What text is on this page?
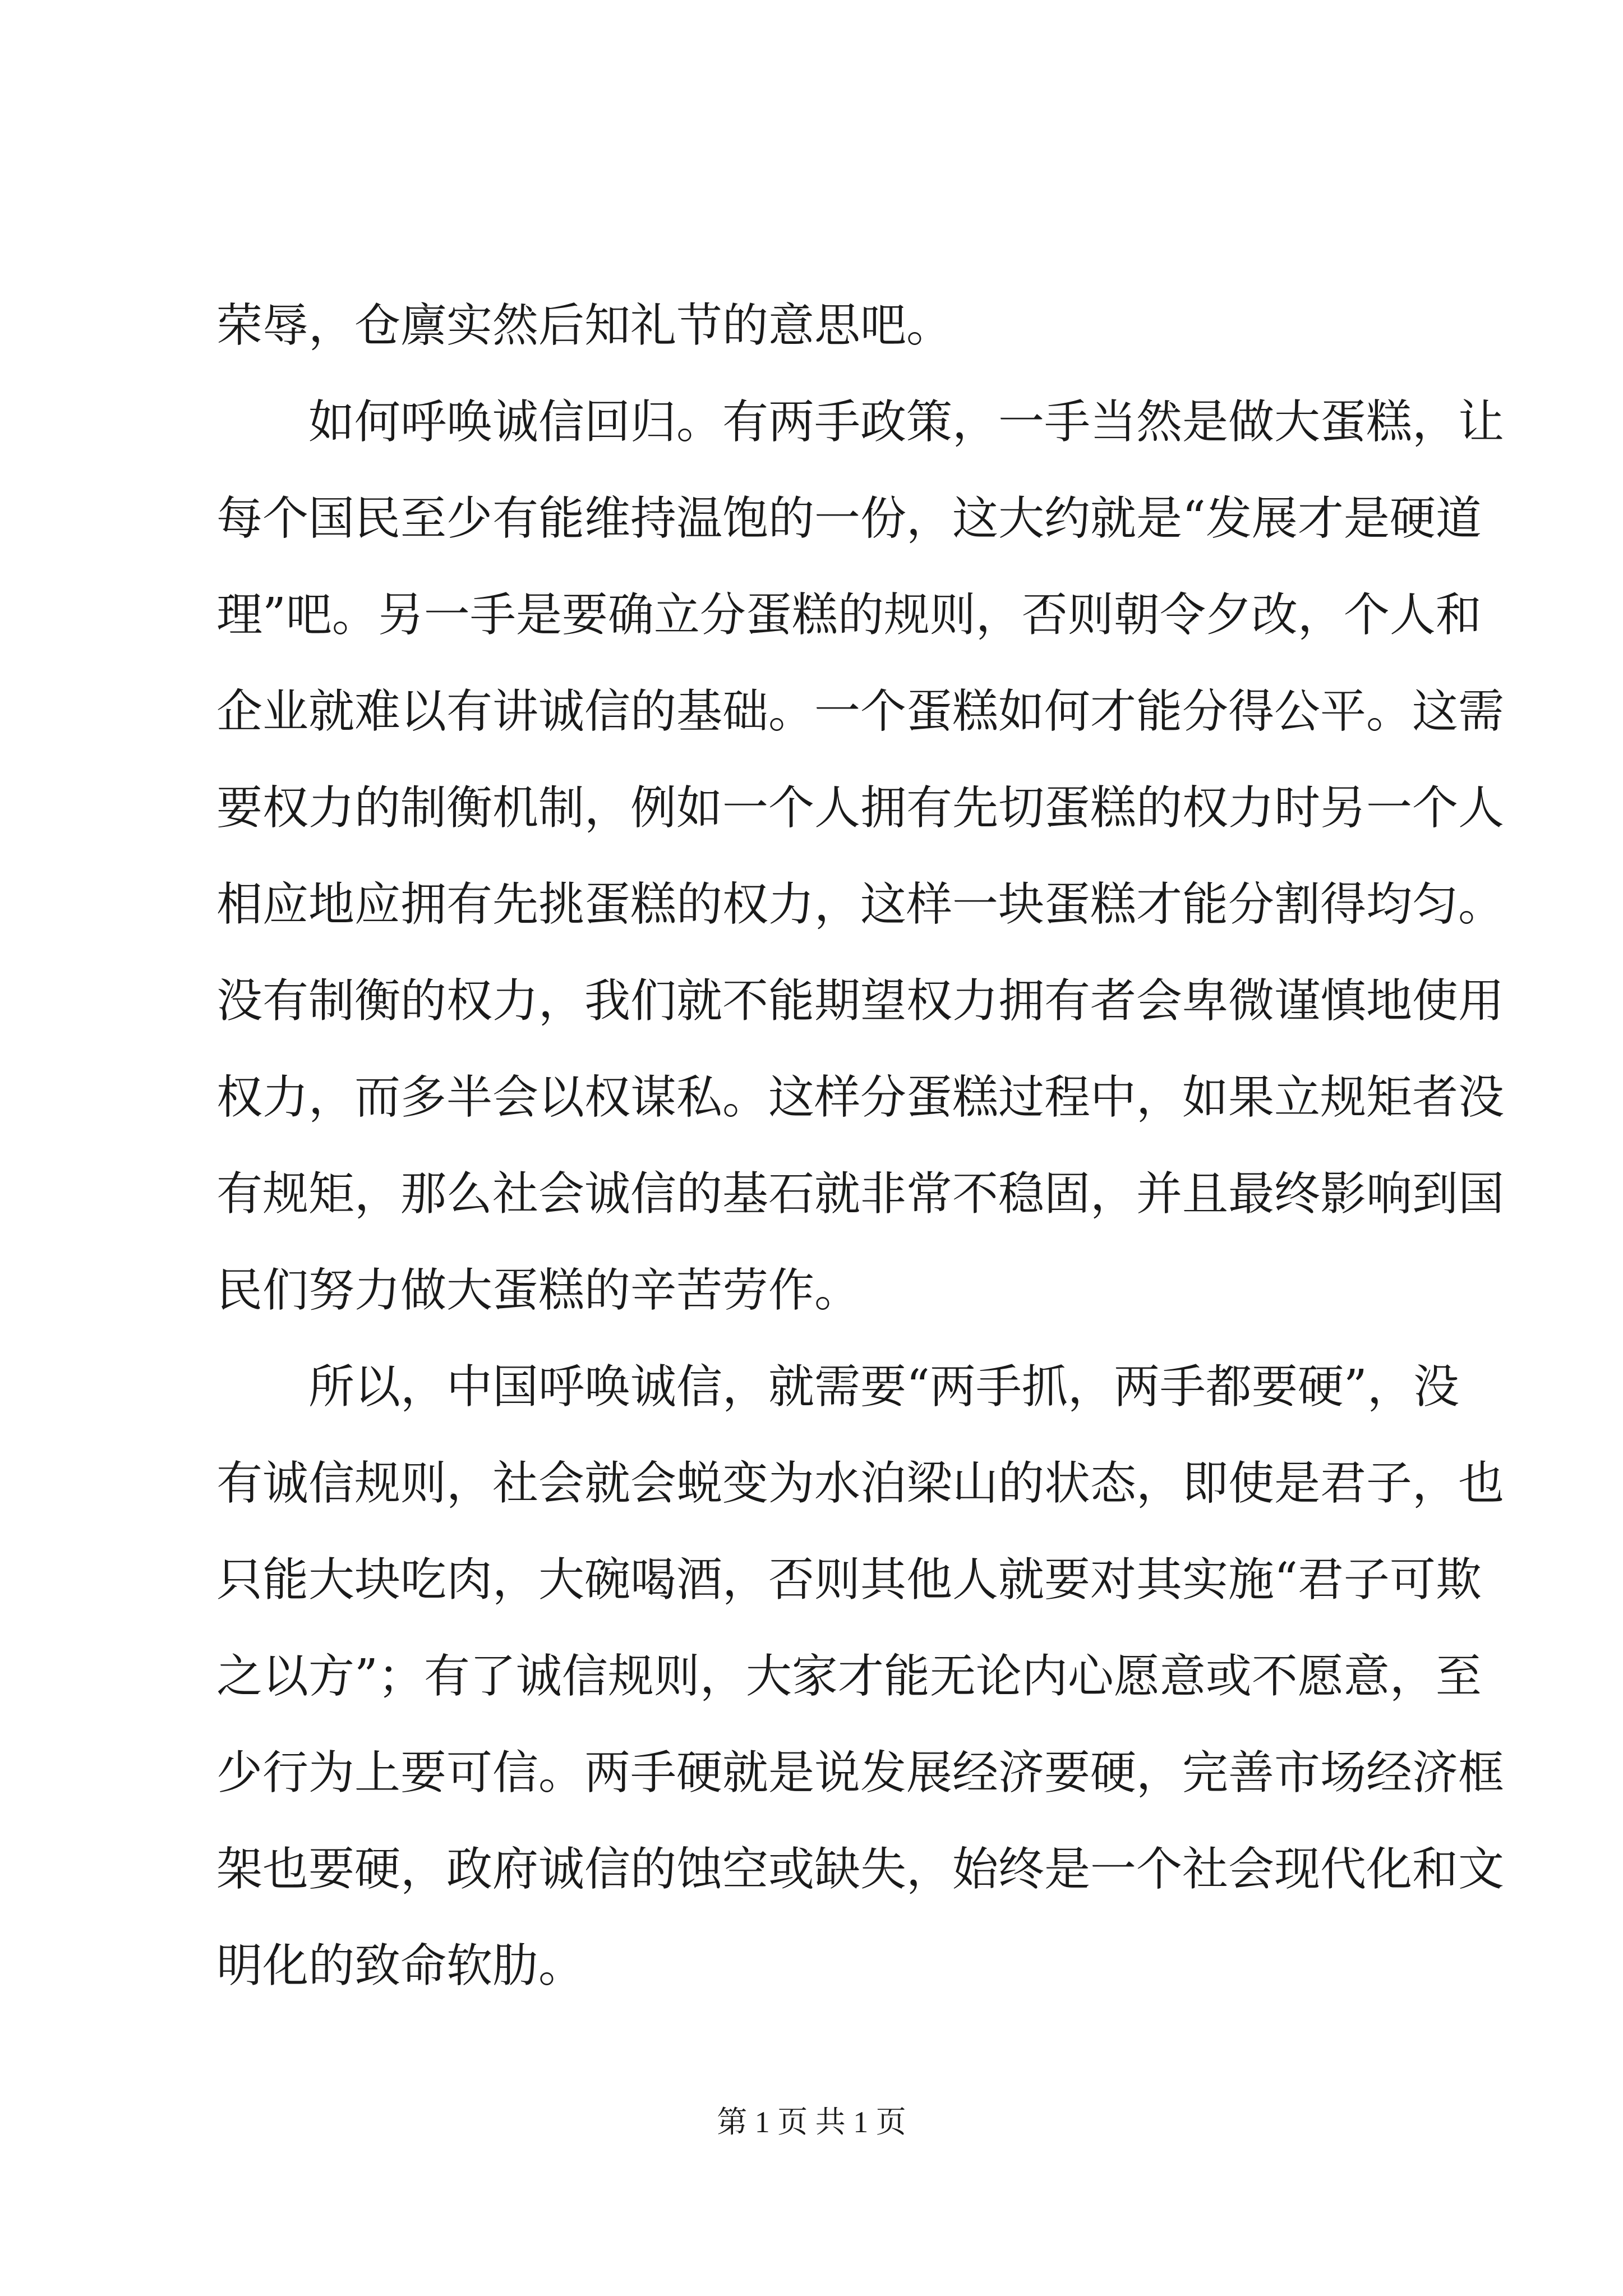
荣辱，仓廪实然后知礼节的意思吧。
如何呼唤诚信回归。有两手政策，一手当然是做大蛋糕，让
每个国民至少有能维持温饱的一份，这大约就是“发展才是硬道
理”吧。另一手是要确立分蛋糕的规则，否则朝令夕改，个人和
企业就难以有讲诚信的基础。一个蛋糕如何才能分得公平。这需
要权力的制衡机制，例如一个人拥有先切蛋糕的权力时另一个人
相应地应拥有先挑蛋糕的权力，这样一块蛋糕才能分割得均匀。
没有制衡的权力，我们就不能期望权力拥有者会卑微谨慎地使用
权力，而多半会以权谋私。这样分蛋糕过程中，如果立规矩者没
有规矩，那么社会诚信的基石就非常不稳固，并且最终影响到国
民们努力做大蛋糕的辛苦劳作。
所以，中国呼唤诚信，就需要“两手抓，两手都要硬”，没
有诚信规则，社会就会蜕变为水泊梁山的状态，即使是君子，也
只能大块吃肉，大碗喝酒，否则其他人就要对其实施“君子可欺
之以方”；有了诚信规则，大家才能无论内心愿意或不愿意，至
少行为上要可信。两手硬就是说发展经济要硬，完善市场经济框
架也要硬，政府诚信的蚀空或缺失，始终是一个社会现代化和文
明化的致命软肋。
第 1 页 共 1 页
